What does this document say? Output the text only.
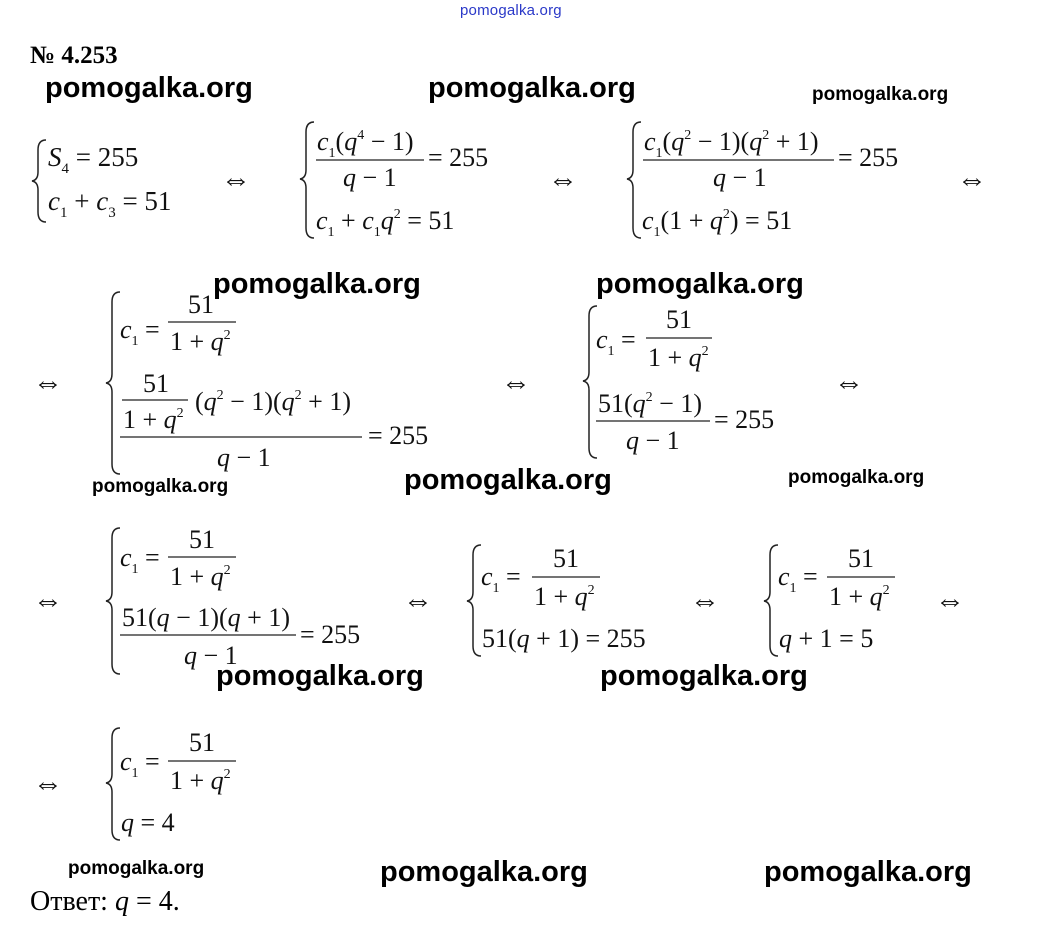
pomogalka.org
№ 4.253
pomogalka.org	pomogalka.org	pomogalka.org
pomogalka.org	pomogalka.org
pomogalka.org	pomogalka.org	pomogalka.org
pomogalka.org	pomogalka.org
pomogalka.org	pomogalka.org	pomogalka.org
$S_4 = 255$
$c_1 + c_3 = 51$
⇔
$c_1(q^4 - 1)$
q − 1
= 255
$c_1 + c_1q^2 = 51$
⇔
$c_1(q^2 - 1)(q^2 + 1)$
q − 1
= 255
$c_1(1 + q^2) = 51$
⇔
⇔
$c_1$ =
51
$1 + q^2$
51
$1 + q^2$ $(q^2 - 1)(q^2 + 1)$
q − 1
= 255
⇔
$c_1$ =
51
$1 + q^2$
$51(q^2 - 1)$
q − 1
= 255
⇔
⇔
$c_1$ =
51
$1 + q^2$
51(q − 1)(q + 1)
q − 1
= 255
⇔
$c_1$ =
51
$1 + q^2$
51(q + 1) = 255
⇔
$c_1$ =
51
$1 + q^2$
q + 1 = 5
⇔
⇔
$c_1$ =
51
$1 + q^2$
q = 4
Ответ: q = 4.
